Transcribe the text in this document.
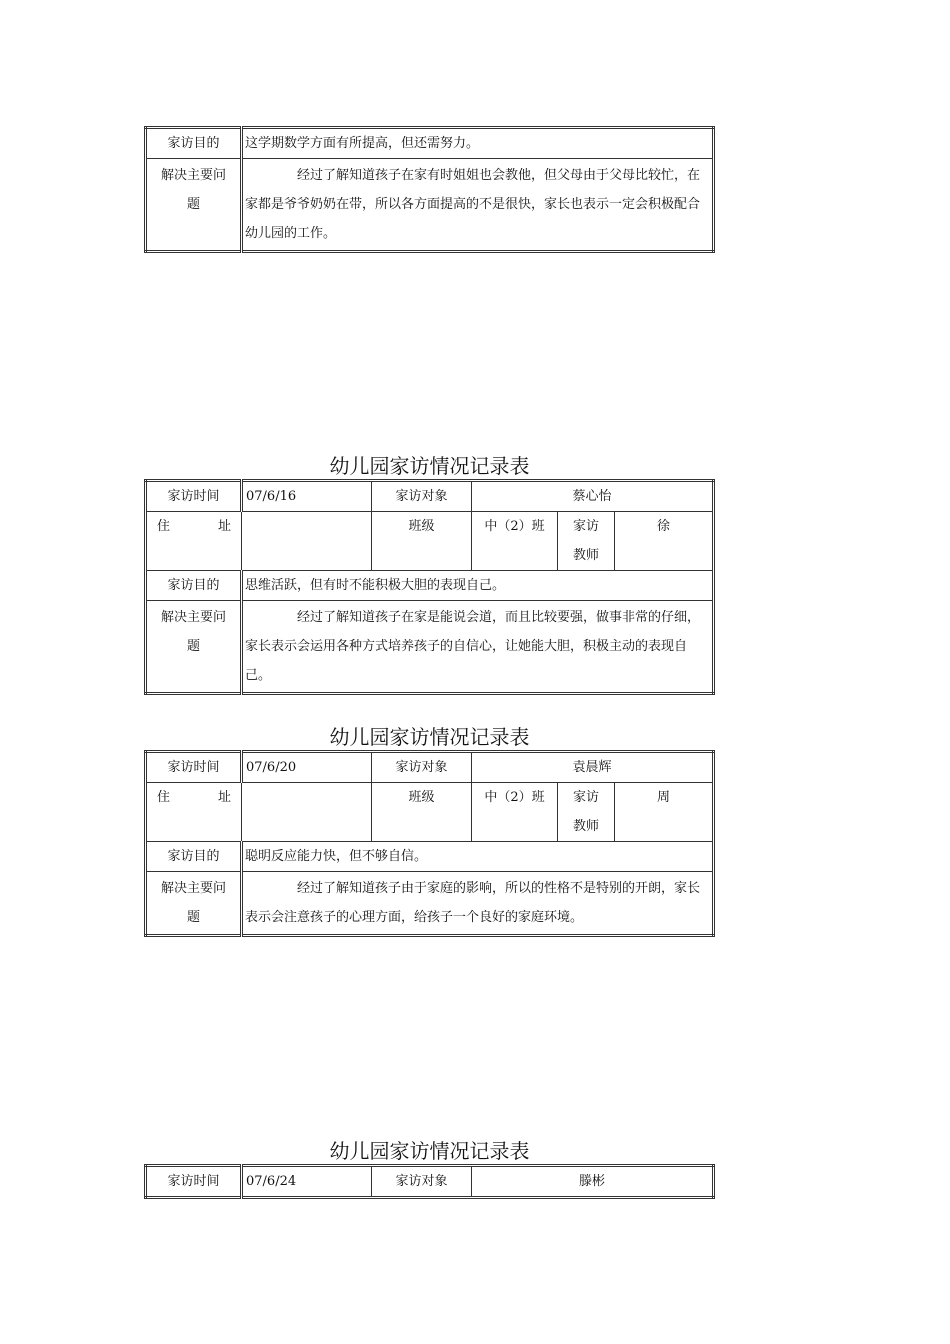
家访目的	这学期数学方面有所提高，但还需努力。
解决主要问题	经过了解知道孩子在家有时姐姐也会教他，但父母由于父母比较忙，在家都是爷爷奶奶在带，所以各方面提高的不是很快，家长也表示一定会积极配合幼儿园的工作。
幼儿园家访情况记录表
家访时间	07/6/16	家访对象	蔡心怡		
住　址		班级	中（2）班	家访教师	徐
家访目的	思维活跃，但有时不能积极大胆的表现自己。				
解决主要问题	经过了解知道孩子在家是能说会道，而且比较要强，做事非常的仔细，家长表示会运用各种方式培养孩子的自信心，让她能大胆，积极主动的表现自己。				
幼儿园家访情况记录表
家访时间	07/6/20	家访对象	袁晨辉		
住　址		班级	中（2）班	家访教师	周
家访目的	聪明反应能力快，但不够自信。				
解决主要问题	经过了解知道孩子由于家庭的影响，所以的性格不是特别的开朗，家长表示会注意孩子的心理方面，给孩子一个良好的家庭环境。				
幼儿园家访情况记录表
家访时间	07/6/24	家访对象	滕彬
